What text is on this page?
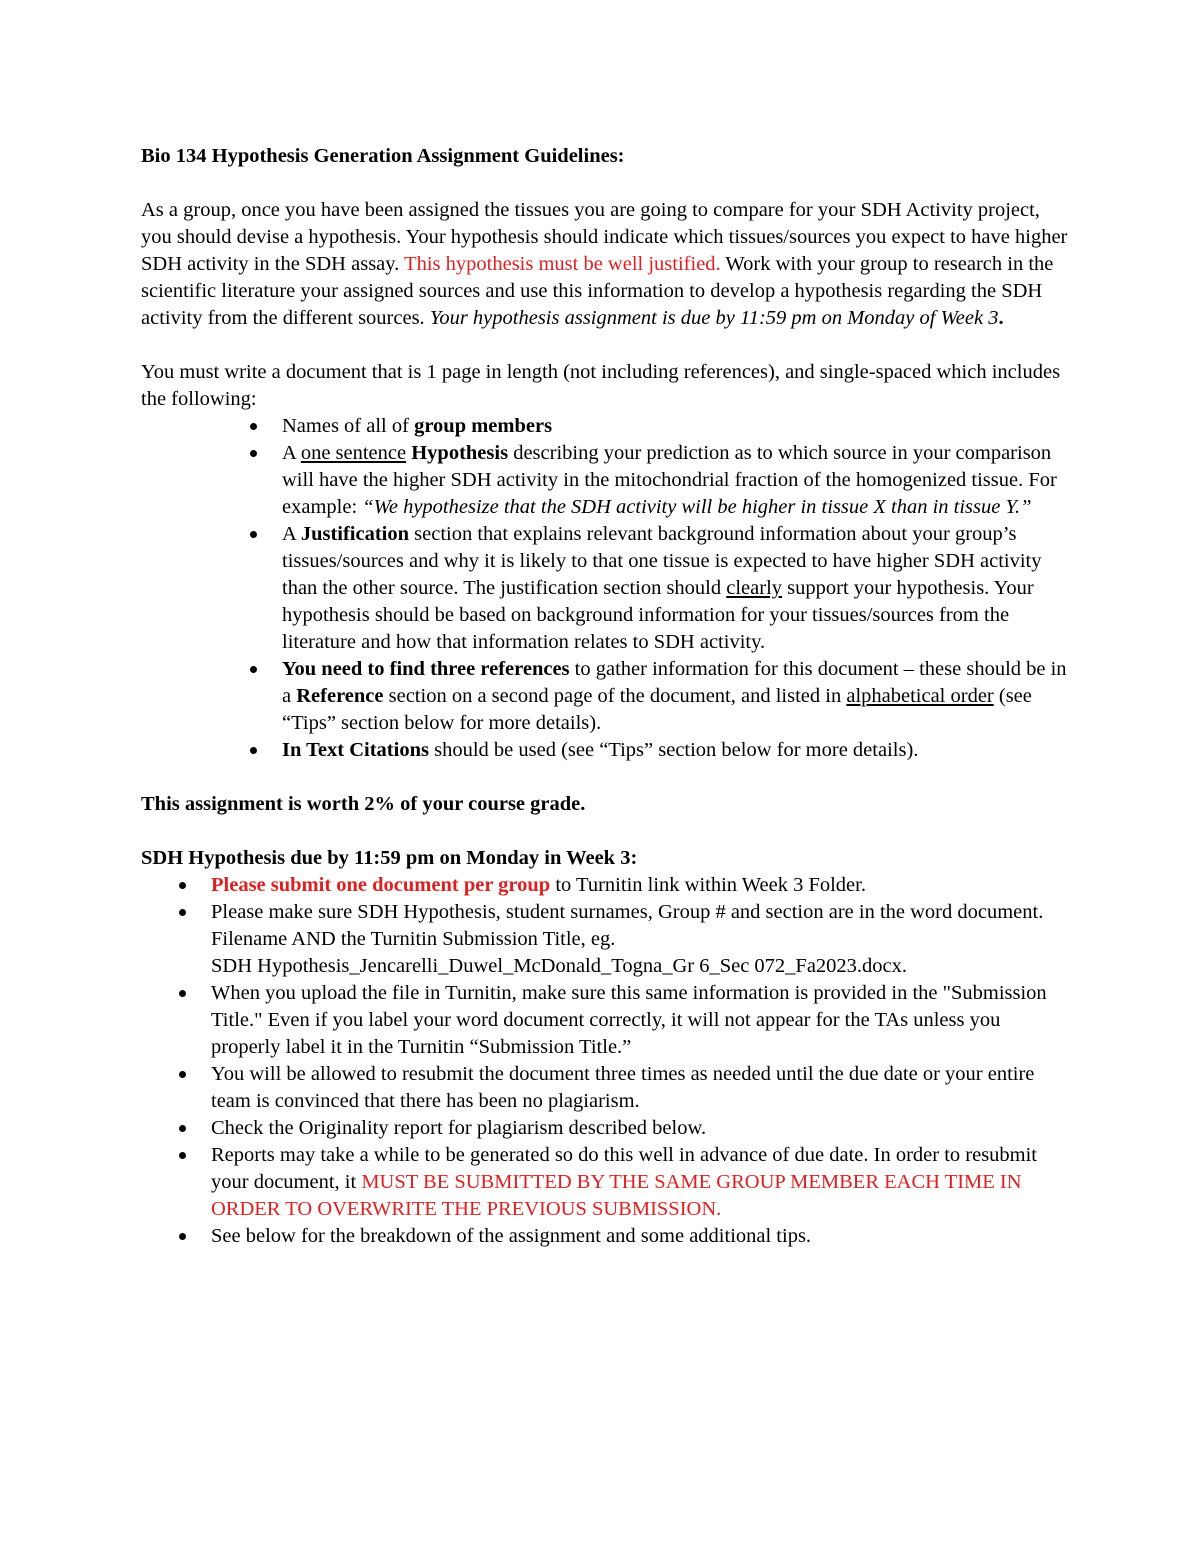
Bio 134 Hypothesis Generation Assignment Guidelines:

As a group, once you have been assigned the tissues you are going to compare for your SDH Activity project, you should devise a hypothesis. Your hypothesis should indicate which tissues/sources you expect to have higher SDH activity in the SDH assay. This hypothesis must be well justified. Work with your group to research in the scientific literature your assigned sources and use this information to develop a hypothesis regarding the SDH activity from the different sources. Your hypothesis assignment is due by 11:59 pm on Monday of Week 3.

You must write a document that is 1 page in length (not including references), and single-spaced which includes the following:

Names of all of group members
A one sentence Hypothesis describing your prediction as to which source in your comparison will have the higher SDH activity in the mitochondrial fraction of the homogenized tissue. For example: “We hypothesize that the SDH activity will be higher in tissue X than in tissue Y.”
A Justification section that explains relevant background information about your group’s tissues/sources and why it is likely to that one tissue is expected to have higher SDH activity than the other source. The justification section should clearly support your hypothesis. Your hypothesis should be based on background information for your tissues/sources from the literature and how that information relates to SDH activity.
You need to find three references to gather information for this document – these should be in a Reference section on a second page of the document, and listed in alphabetical order (see “Tips” section below for more details).
In Text Citations should be used (see “Tips” section below for more details).

This assignment is worth 2% of your course grade.

SDH Hypothesis due by 11:59 pm on Monday in Week 3:

Please submit one document per group to Turnitin link within Week 3 Folder.
Please make sure SDH Hypothesis, student surnames, Group # and section are in the word document. Filename AND the Turnitin Submission Title, eg.
SDH Hypothesis_Jencarelli_Duwel_McDonald_Togna_Gr 6_Sec 072_Fa2023.docx.
When you upload the file in Turnitin, make sure this same information is provided in the "Submission Title." Even if you label your word document correctly, it will not appear for the TAs unless you properly label it in the Turnitin “Submission Title.”
You will be allowed to resubmit the document three times as needed until the due date or your entire team is convinced that there has been no plagiarism.
Check the Originality report for plagiarism described below.
Reports may take a while to be generated so do this well in advance of due date. In order to resubmit your document, it MUST BE SUBMITTED BY THE SAME GROUP MEMBER EACH TIME IN ORDER TO OVERWRITE THE PREVIOUS SUBMISSION.
See below for the breakdown of the assignment and some additional tips.
